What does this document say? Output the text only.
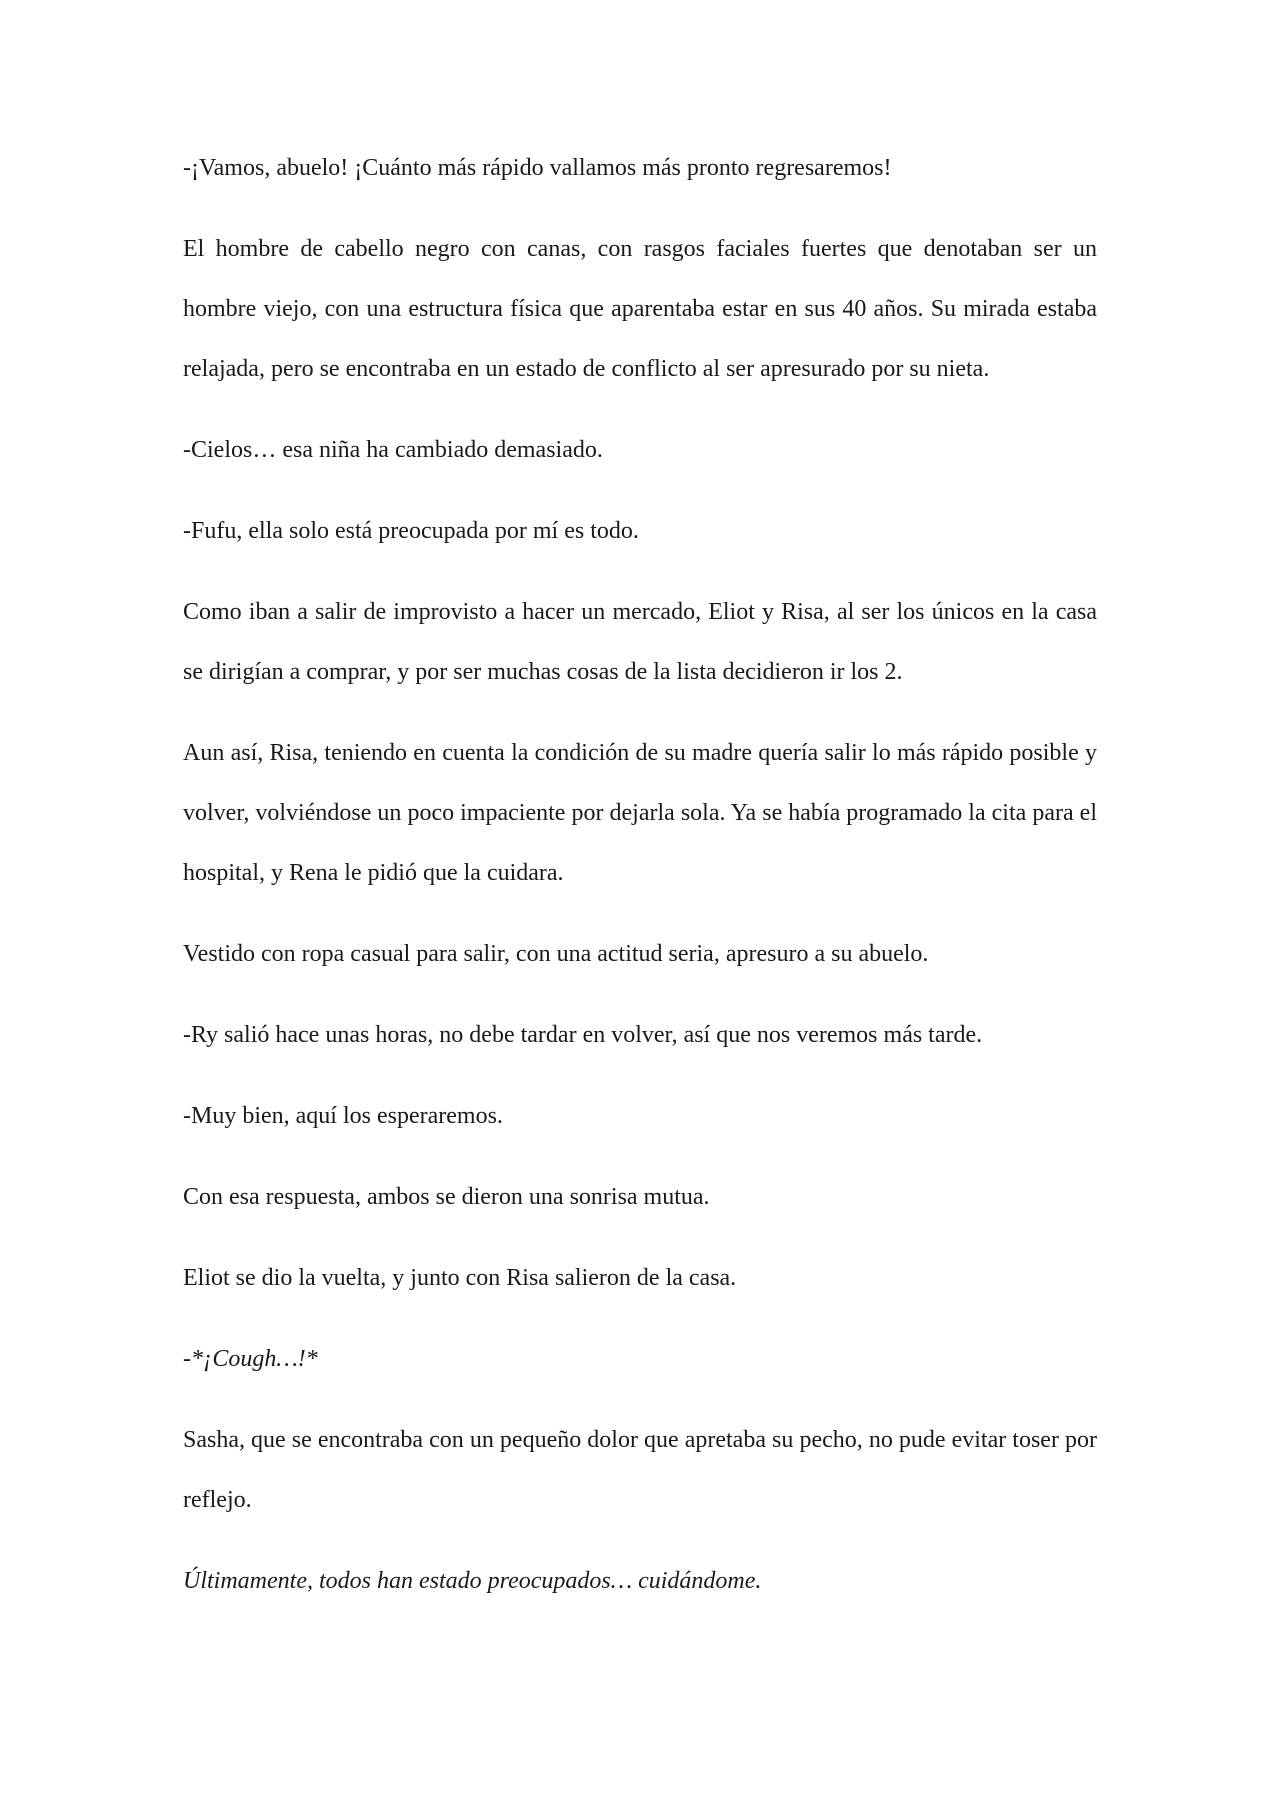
-¡Vamos, abuelo! ¡Cuánto más rápido vallamos más pronto regresaremos!

El hombre de cabello negro con canas, con rasgos faciales fuertes que denotaban ser un hombre viejo, con una estructura física que aparentaba estar en sus 40 años. Su mirada estaba relajada, pero se encontraba en un estado de conflicto al ser apresurado por su nieta.

-Cielos… esa niña ha cambiado demasiado.

-Fufu, ella solo está preocupada por mí es todo.

Como iban a salir de improvisto a hacer un mercado, Eliot y Risa, al ser los únicos en la casa se dirigían a comprar, y por ser muchas cosas de la lista decidieron ir los 2.

Aun así, Risa, teniendo en cuenta la condición de su madre quería salir lo más rápido posible y volver, volviéndose un poco impaciente por dejarla sola. Ya se había programado la cita para el hospital, y Rena le pidió que la cuidara.

Vestido con ropa casual para salir, con una actitud seria, apresuro a su abuelo.

-Ry salió hace unas horas, no debe tardar en volver, así que nos veremos más tarde.

-Muy bien, aquí los esperaremos.

Con esa respuesta, ambos se dieron una sonrisa mutua.

Eliot se dio la vuelta, y junto con Risa salieron de la casa.

-*¡Cough…!*

Sasha, que se encontraba con un pequeño dolor que apretaba su pecho, no pude evitar toser por reflejo.

Últimamente, todos han estado preocupados… cuidándome.
